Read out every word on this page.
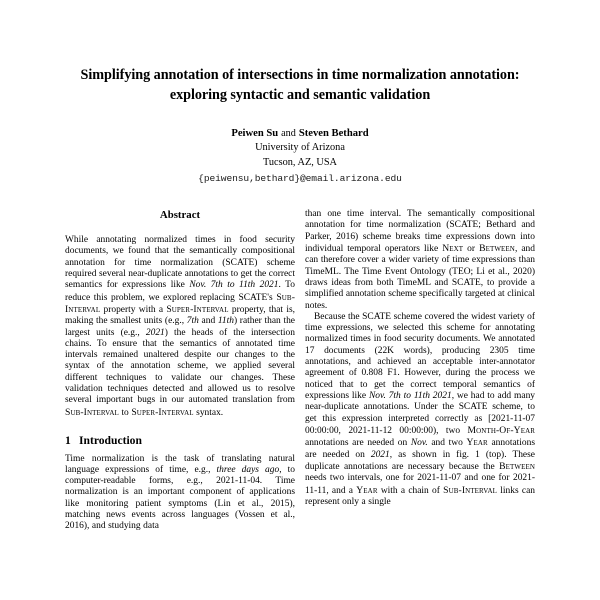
Simplifying annotation of intersections in time normalization annotation:
exploring syntactic and semantic validation
Peiwen Su and Steven Bethard
University of Arizona
Tucson, AZ, USA
{peiwensu,bethard}@email.arizona.edu
Abstract

While annotating normalized times in food security documents, we found that the semantically compositional annotation for time normalization (SCATE) scheme required several near-duplicate annotations to get the correct semantics for expressions like Nov. 7th to 11th 2021. To reduce this problem, we explored replacing SCATE's Sub-Interval property with a Super-Interval property, that is, making the smallest units (e.g., 7th and 11th) rather than the largest units (e.g., 2021) the heads of the intersection chains. To ensure that the semantics of annotated time intervals remained unaltered despite our changes to the syntax of the annotation scheme, we applied several different techniques to validate our changes. These validation techniques detected and allowed us to resolve several important bugs in our automated translation from Sub-Interval to Super-Interval syntax.

1 Introduction

Time normalization is the task of translating natural language expressions of time, e.g., three days ago, to computer-readable forms, e.g., 2021-11-04. Time normalization is an important component of applications like monitoring patient symptoms (Lin et al., 2015), matching news events across languages (Vossen et al., 2016), and studying data

than one time interval. The semantically compositional annotation for time normalization (SCATE; Bethard and Parker, 2016) scheme breaks time expressions down into individual temporal operators like Next or Between, and can therefore cover a wider variety of time expressions than TimeML. The Time Event Ontology (TEO; Li et al., 2020) draws ideas from both TimeML and SCATE, to provide a simplified annotation scheme specifically targeted at clinical notes.

Because the SCATE scheme covered the widest variety of time expressions, we selected this scheme for annotating normalized times in food security documents. We annotated 17 documents (22K words), producing 2305 time annotations, and achieved an acceptable inter-annotator agreement of 0.808 F1. However, during the process we noticed that to get the correct temporal semantics of expressions like Nov. 7th to 11th 2021, we had to add many near-duplicate annotations. Under the SCATE scheme, to get this expression interpreted correctly as [2021-11-07 00:00:00, 2021-11-12 00:00:00), two Month-Of-Year annotations are needed on Nov. and two Year annotations are needed on 2021, as shown in fig. 1 (top). These duplicate annotations are necessary because the Between needs two intervals, one for 2021-11-07 and one for 2021-11-11, and a Year with a chain of Sub-Interval links can represent only a single
